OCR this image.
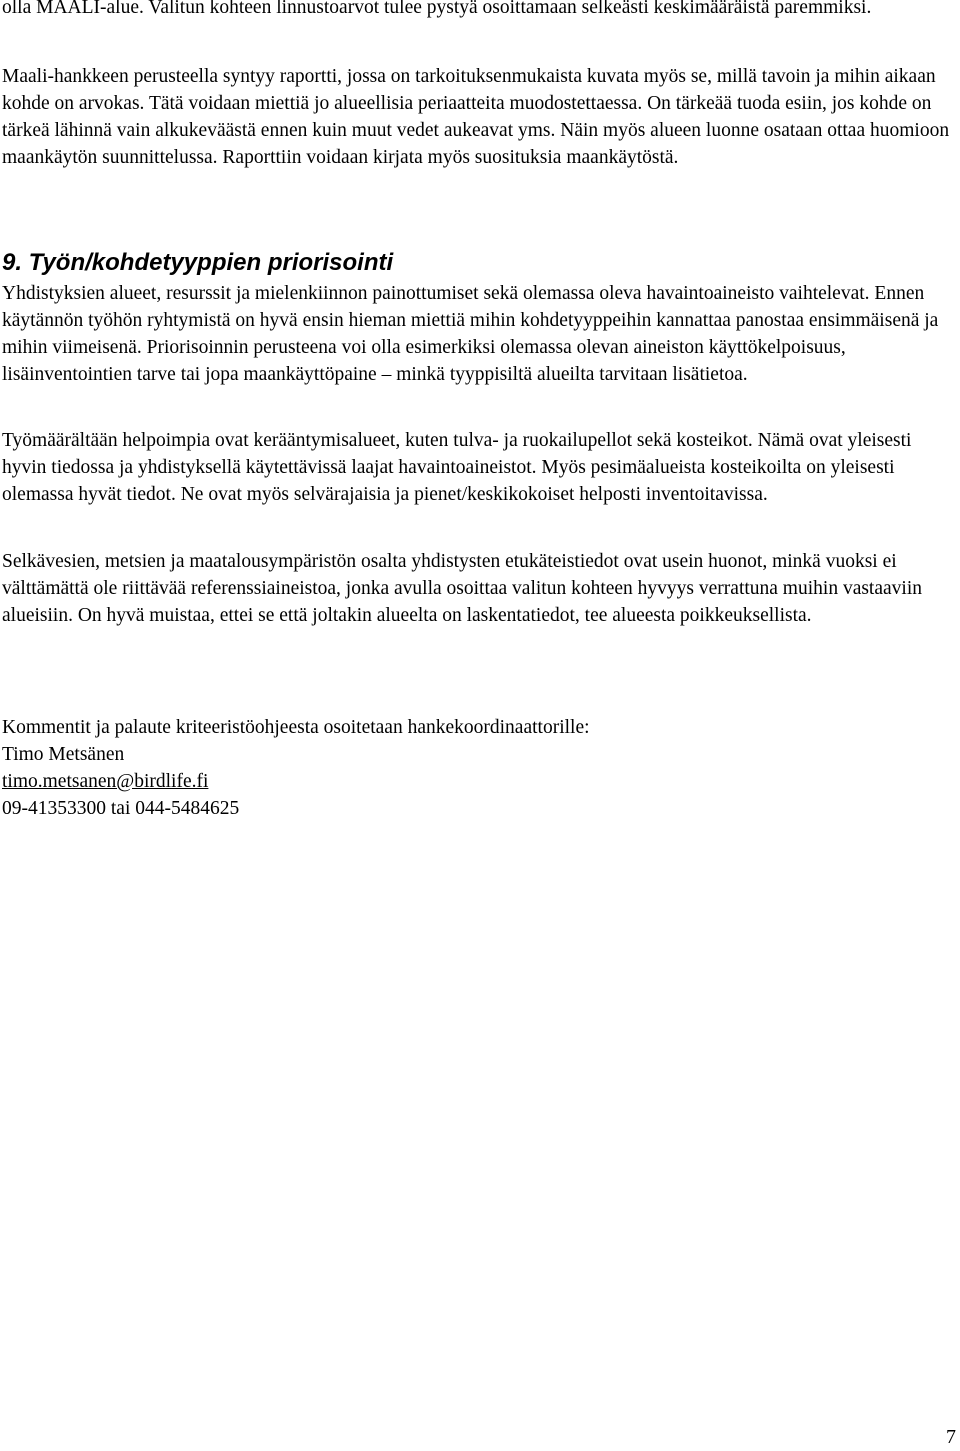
olla MAALI-alue. Valitun kohteen linnustoarvot tulee pystyä osoittamaan selkeästi keskimääräistä paremmiksi.

Maali-hankkeen perusteella syntyy raportti, jossa on tarkoituksenmukaista kuvata myös se, millä tavoin ja mihin aikaan kohde on arvokas. Tätä voidaan miettiä jo alueellisia periaatteita muodostettaessa. On tärkeää tuoda esiin, jos kohde on tärkeä lähinnä vain alkukeväästä ennen kuin muut vedet aukeavat yms. Näin myös alueen luonne osataan ottaa huomioon maankäytön suunnittelussa. Raporttiin voidaan kirjata myös suosituksia maankäytöstä.

9. Työn/kohdetyyppien priorisointi

Yhdistyksien alueet, resurssit ja mielenkiinnon painottumiset sekä olemassa oleva havaintoaineisto vaihtelevat. Ennen käytännön työhön ryhtymistä on hyvä ensin hieman miettiä mihin kohdetyyppeihin kannattaa panostaa ensimmäisenä ja mihin viimeisenä. Priorisoinnin perusteena voi olla esimerkiksi olemassa olevan aineiston käyttökelpoisuus, lisäinventointien tarve tai jopa maankäyttöpaine – minkä tyyppisiltä alueilta tarvitaan lisätietoa.

Työmäärältään helpoimpia ovat kerääntymisalueet, kuten tulva- ja ruokailupellot sekä kosteikot. Nämä ovat yleisesti hyvin tiedossa ja yhdistyksellä käytettävissä laajat havaintoaineistot. Myös pesimäalueista kosteikoilta on yleisesti olemassa hyvät tiedot. Ne ovat myös selvärajaisia ja pienet/keskikokoiset helposti inventoitavissa.

Selkävesien, metsien ja maatalousympäristön osalta yhdistysten etukäteistiedot ovat usein huonot, minkä vuoksi ei välttämättä ole riittävää referenssiaineistoa, jonka avulla osoittaa valitun kohteen hyvyys verrattuna muihin vastaaviin alueisiin. On hyvä muistaa, ettei se että joltakin alueelta on laskentatiedot, tee alueesta poikkeuksellista.

Kommentit ja palaute kriteeristöohjeesta osoitetaan hankekoordinaattorille:
Timo Metsänen
timo.metsanen@birdlife.fi
09-41353300 tai 044-5484625
7
